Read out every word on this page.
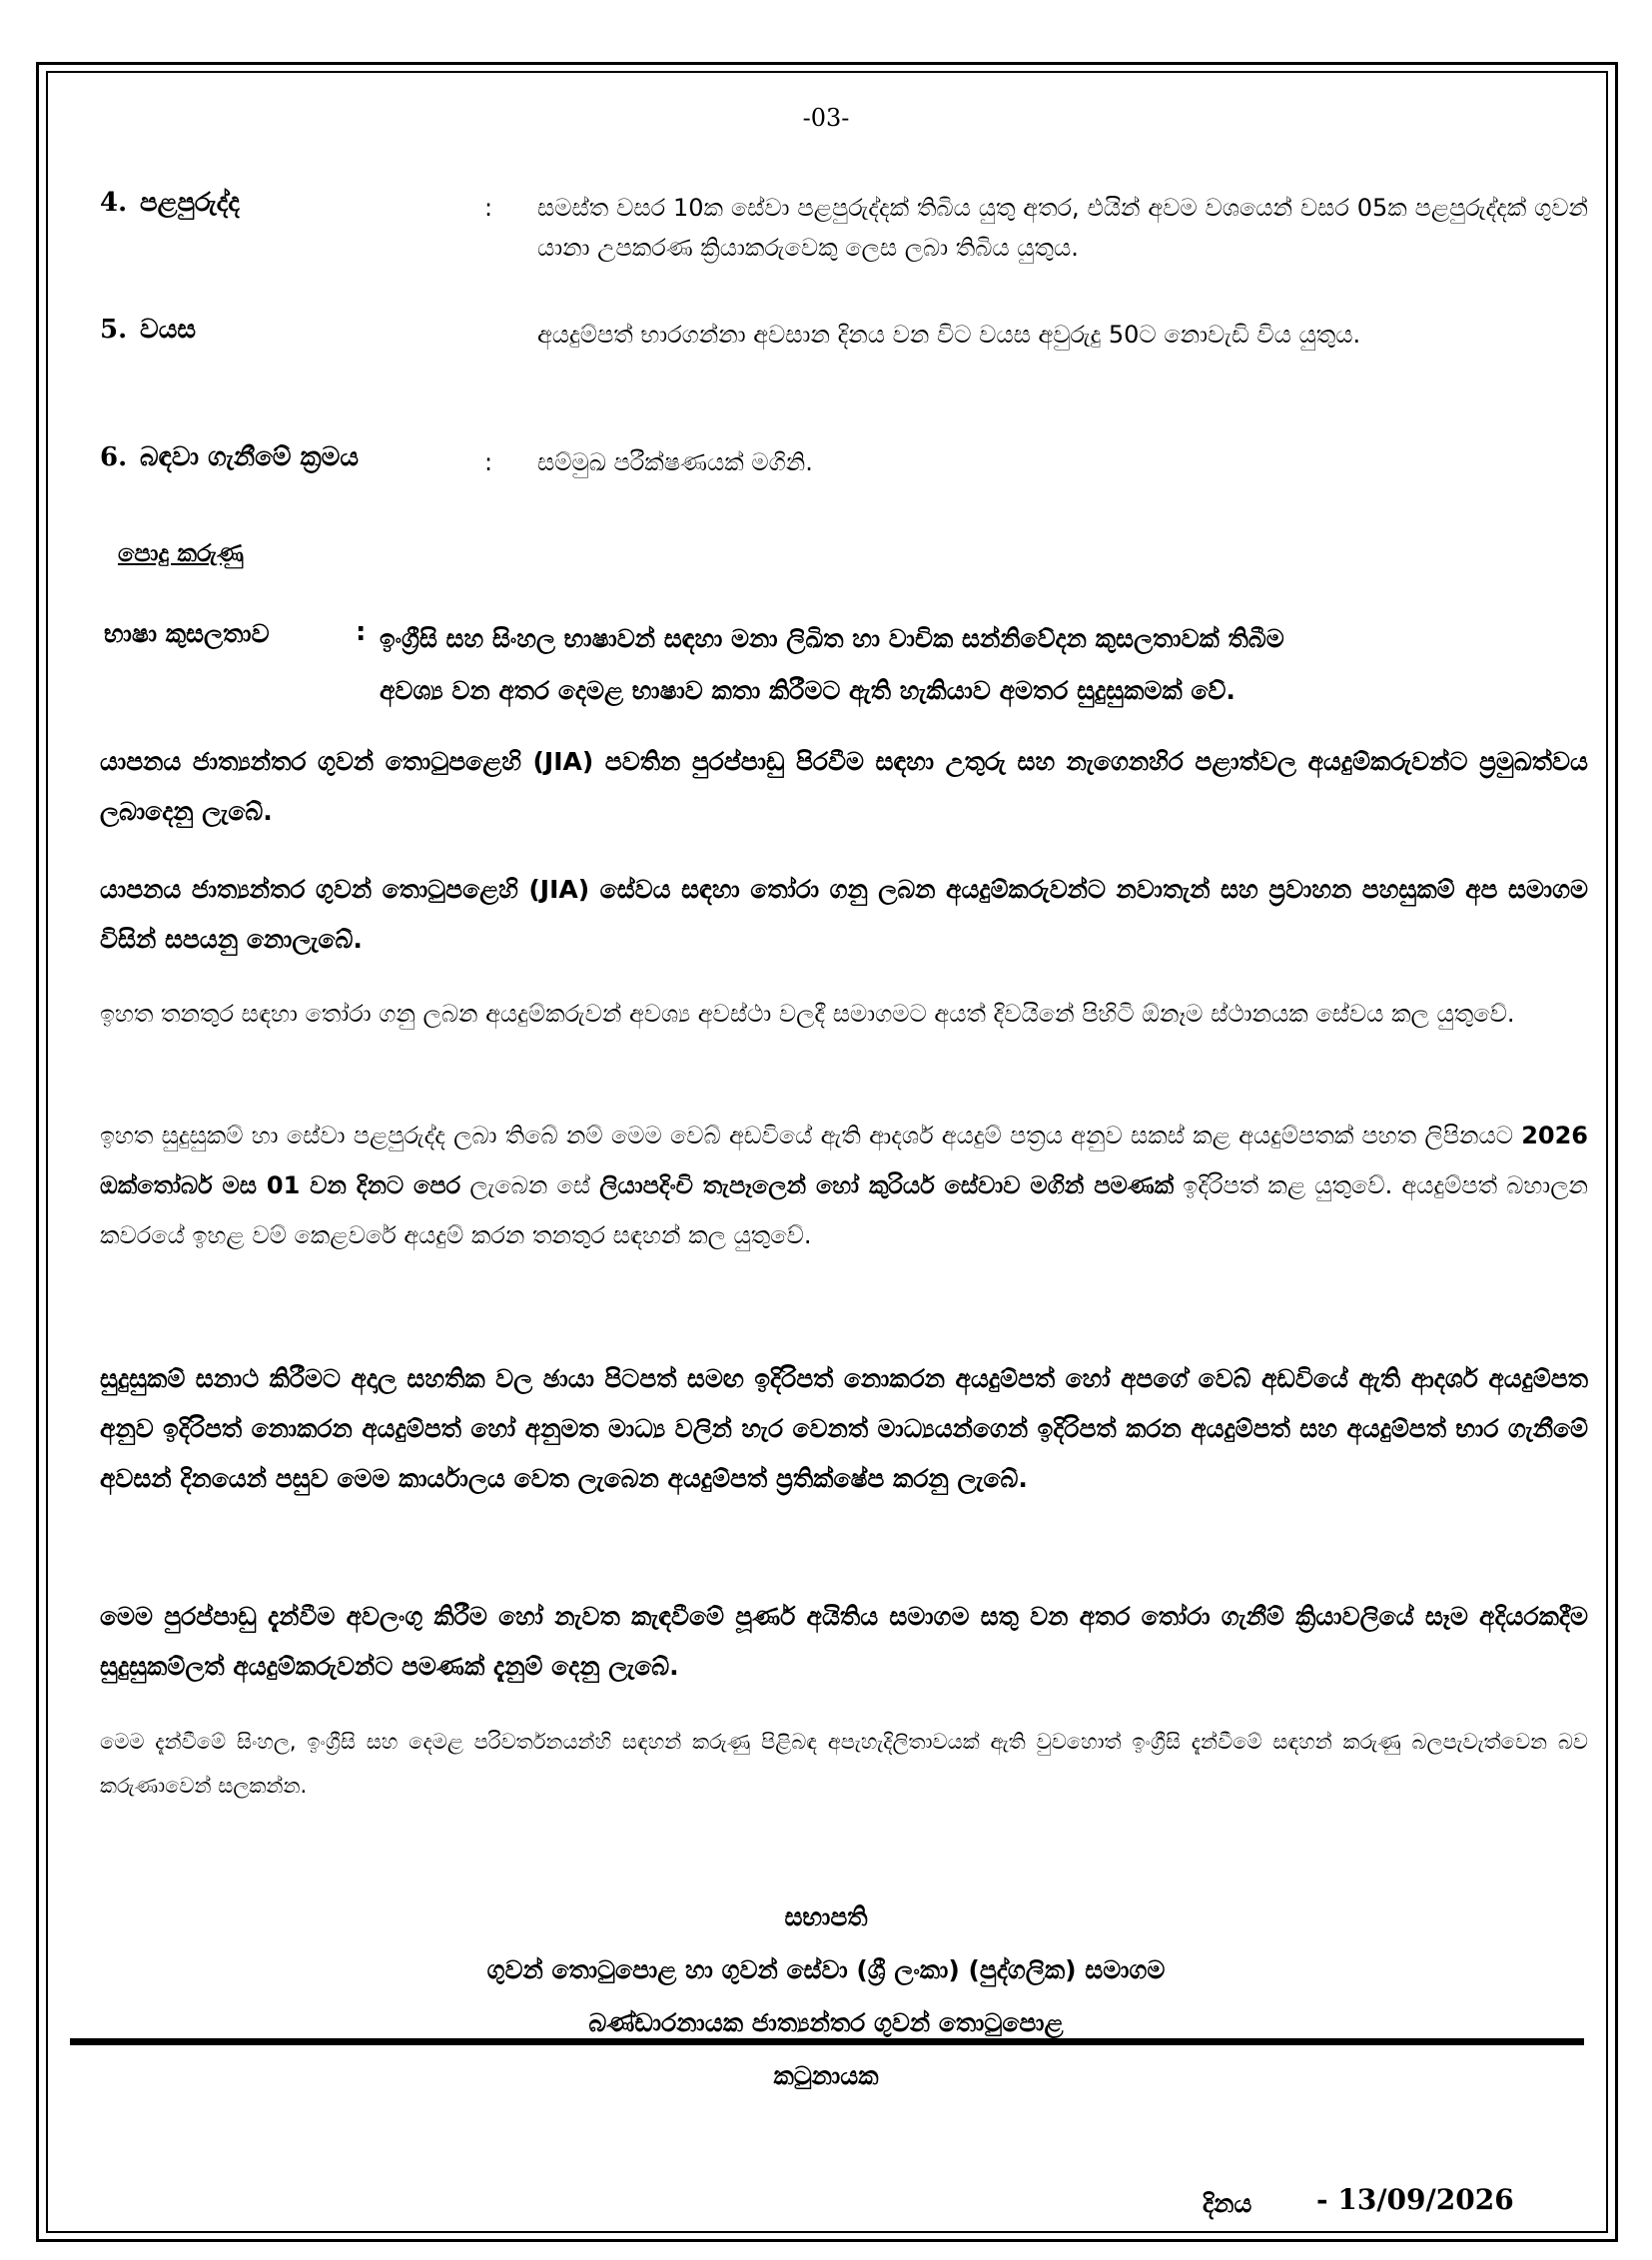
-03-
4. පළපුරුද්ද	: සමස්ත වසර 10ක සේවා පළපුරුද්දක් තිබිය යුතු අතර, එයින් අවම වශයෙන් වසර 05ක පළපුරුද්දක් ගුවන් යානා උපකරණ ක්‍රියාකරුවෙකු ලෙස ලබා තිබිය යුතුය.
5. වයස	අයදුම්පත් භාරගන්නා අවසාන දිනය වන විට වයස අවුරුදු 50ට නොවැඩි විය යුතුය.
6. බඳවා ගැනීමේ ක්‍රමය	: සම්මුඛ පරීක්ෂණයක් මගිනි.
පොදු කරුණු
භාෂා කුසලතාව	: ඉංග්‍රීසි සහ සිංහල භාෂාවන් සඳහා මනා ලිඛිත හා වාචික සන්නිවේදන කුසලතාවක් තිබීම
අවශ්‍ය වන අතර දෙමළ භාෂාව කතා කිරීමට ඇති හැකියාව අමතර සුදුසුකමක් වේ.
යාපනය ජාත්‍යන්තර ගුවන් තොටුපළෙහි (JIA) පවතින පුරප්පාඩු පිරවීම සඳහා උතුරු සහ නැගෙනහිර පළාත්වල අයදුම්කරුවන්ට ප්‍රමුඛත්වය ලබාදෙනු ලැබේ.
යාපනය ජාත්‍යන්තර ගුවන් තොටුපළෙහි (JIA) සේවය සඳහා තෝරා ගනු ලබන අයදුම්කරුවන්ට නවාතැන් සහ ප්‍රවාහන පහසුකම් අප සමාගම විසින් සපයනු නොලැබේ.
ඉහත තනතුර සඳහා තෝරා ගනු ලබන අයදුම්කරුවන් අවශ්‍ය අවස්ථා වලදී සමාගමට අයත් දිවයිනේ පිහිටි ඕනෑම ස්ථානයක සේවය කල යුතුවේ.
ඉහත සුදුසුකම් හා සේවා පළපුරුද්ද ලබා තිබේ නම් මෙම වෙබ් අඩවියේ ඇති ආදර්ශ අයදුම් පත්‍රය අනුව සකස් කළ අයදුම්පතක් පහත ලිපිනයට 2026 ඔක්තෝබර් මස 01 වන දිනට පෙර ලැබෙන සේ ලියාපදිංචි තැපෑලෙන් හෝ කුරියර් සේවාව මගින් පමණක් ඉදිරිපත් කළ යුතුවේ. අයදුම්පත් බහාලන කවරයේ ඉහළ වම් කෙළවරේ අයදුම් කරන තනතුර සඳහන් කල යුතුවේ.
සුදුසුකම් සනාථ කිරීමට අදාල සහතික වල ඡායා පිටපත් සමඟ ඉදිරිපත් නොකරන අයදුම්පත් හෝ අපගේ වෙබ් අඩවියේ ඇති ආදර්ශ අයදුම්පත අනුව ඉදිරිපත් නොකරන අයදුම්පත් හෝ අනුමත මාධ්‍ය වලින් හැර වෙනත් මාධ්‍යයන්ගෙන් ඉදිරිපත් කරන අයදුම්පත් සහ අයදුම්පත් භාර ගැනීමේ අවසන් දිනයෙන් පසුව මෙම කාර්යාලය වෙත ලැබෙන අයදුම්පත් ප්‍රතික්ෂේප කරනු ලැබේ.
මෙම පුරප්පාඩු දැන්වීම අවලංගු කිරීම හෝ නැවත කැඳවීමේ පූර්ණ අයිතිය සමාගම සතු වන අතර තෝරා ගැනීම් ක්‍රියාවලියේ සෑම අදියරකදීම සුදුසුකම්ලත් අයදුම්කරුවන්ට පමණක් දැනුම් දෙනු ලැබේ.
මෙම දැන්වීමේ සිංහල, ඉංග්‍රීසි සහ දෙමළ පරිවර්තනයන්හි සඳහන් කරුණු පිළිබඳ අපැහැදිලිතාවයක් ඇති වුවහොත් ඉංග්‍රීසි දැන්වීමේ සඳහන් කරුණු බලපැවැත්වෙන බව කරුණාවෙන් සලකන්න.
සභාපති
ගුවන් තොටුපොළ හා ගුවන් සේවා (ශ්‍රී ලංකා) (පුද්ගලික) සමාගම
බණ්ඩාරනායක ජාත්‍යන්තර ගුවන් තොටුපොළ
කටුනායක
දිනය - 13/09/2026
